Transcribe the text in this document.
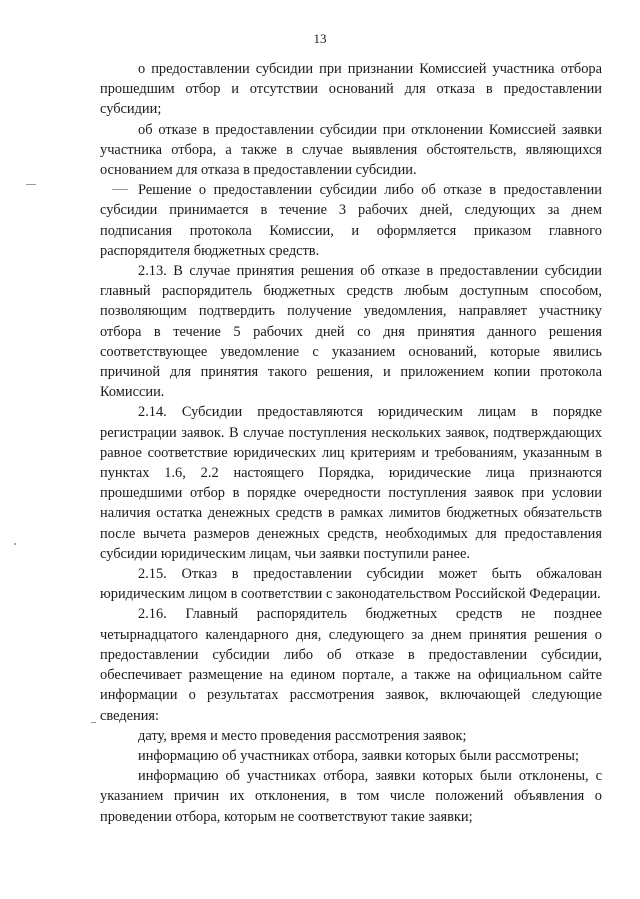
13

о предоставлении субсидии при признании Комиссией участника отбора прошедшим отбор и отсутствии оснований для отказа в предоставлении субсидии;

об отказе в предоставлении субсидии при отклонении Комиссией заявки участника отбора, а также в случае выявления обстоятельств, являющихся основанием для отказа в предоставлении субсидии.

Решение о предоставлении субсидии либо об отказе в предоставлении субсидии принимается в течение 3 рабочих дней, следующих за днем подписания протокола Комиссии, и оформляется приказом главного распорядителя бюджетных средств.

2.13. В случае принятия решения об отказе в предоставлении субсидии главный распорядитель бюджетных средств любым доступным способом, позволяющим подтвердить получение уведомления, направляет участнику отбора в течение 5 рабочих дней со дня принятия данного решения соответствующее уведомление с указанием оснований, которые явились причиной для принятия такого решения, и приложением копии протокола Комиссии.

2.14. Субсидии предоставляются юридическим лицам в порядке регистрации заявок. В случае поступления нескольких заявок, подтверждающих равное соответствие юридических лиц критериям и требованиям, указанным в пунктах 1.6, 2.2 настоящего Порядка, юридические лица признаются прошедшими отбор в порядке очередности поступления заявок при условии наличия остатка денежных средств в рамках лимитов бюджетных обязательств после вычета размеров денежных средств, необходимых для предоставления субсидии юридическим лицам, чьи заявки поступили ранее.

2.15. Отказ в предоставлении субсидии может быть обжалован юридическим лицом в соответствии с законодательством Российской Федерации.

2.16. Главный распорядитель бюджетных средств не позднее четырнадцатого календарного дня, следующего за днем принятия решения о предоставлении субсидии либо об отказе в предоставлении субсидии, обеспечивает размещение на едином портале, а также на официальном сайте информации о результатах рассмотрения заявок, включающей следующие сведения:

дату, время и место проведения рассмотрения заявок;

информацию об участниках отбора, заявки которых были рассмотрены;

информацию об участниках отбора, заявки которых были отклонены, с указанием причин их отклонения, в том числе положений объявления о проведении отбора, которым не соответствуют такие заявки;
